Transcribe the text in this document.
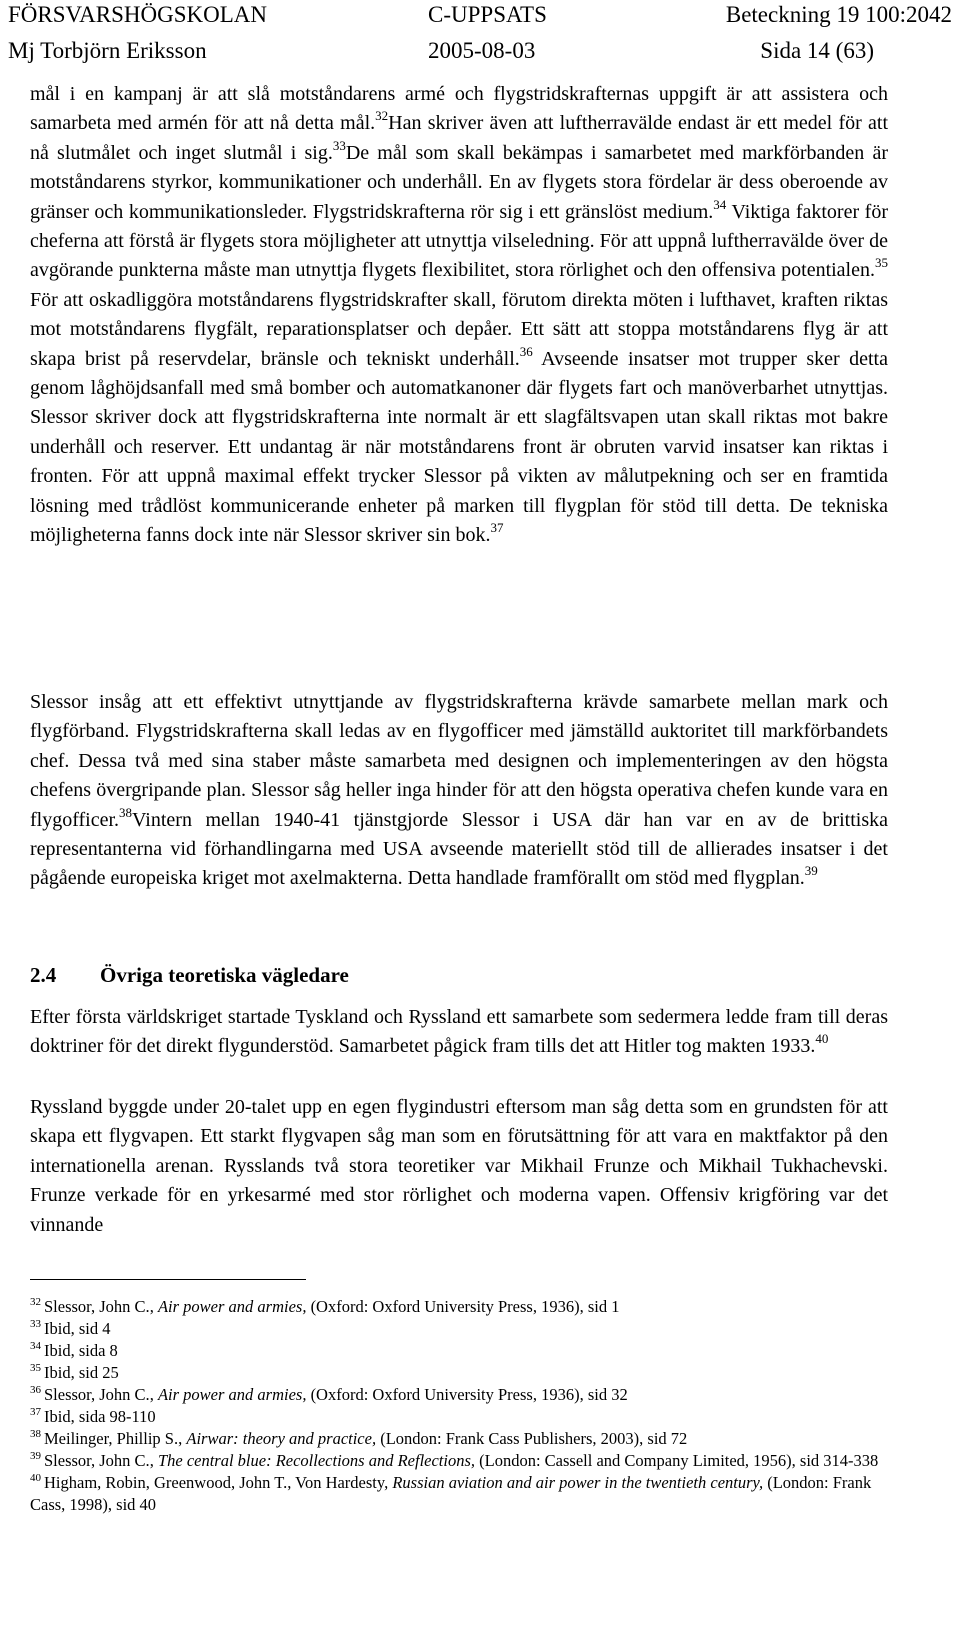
FÖRSVARSHÖGSKOLAN	C-UPPSATS	Beteckning 19 100:2042
Mj Torbjörn Eriksson	2005-08-03	Sida 14 (63)

mål i en kampanj är att slå motståndarens armé och flygstridskrafternas uppgift är att assistera och samarbeta med armén för att nå detta mål.$^{32}$Han skriver även att luftherravälde endast är ett medel för att nå slutmålet och inget slutmål i sig.$^{33}$De mål som skall bekämpas i samarbetet med markförbanden är motståndarens styrkor, kommunikationer och underhåll. En av flygets stora fördelar är dess oberoende av gränser och kommunikationsleder. Flygstridskrafterna rör sig i ett gränslöst medium.$^{34}$ Viktiga faktorer för cheferna att förstå är flygets stora möjligheter att utnyttja vilseledning. För att uppnå luftherravälde över de avgörande punkterna måste man utnyttja flygets flexibilitet, stora rörlighet och den offensiva potentialen.$^{35}$ För att oskadliggöra motståndarens flygstridskrafter skall, förutom direkta möten i lufthavet, kraften riktas mot motståndarens flygfält, reparationsplatser och depåer. Ett sätt att stoppa motståndarens flyg är att skapa brist på reservdelar, bränsle och tekniskt underhåll.$^{36}$ Avseende insatser mot trupper sker detta genom låghöjdsanfall med små bomber och automatkanoner där flygets fart och manöverbarhet utnyttjas. Slessor skriver dock att flygstridskrafterna inte normalt är ett slagfältsvapen utan skall riktas mot bakre underhåll och reserver. Ett undantag är när motståndarens front är obruten varvid insatser kan riktas i fronten. För att uppnå maximal effekt trycker Slessor på vikten av målutpekning och ser en framtida lösning med trådlöst kommunicerande enheter på marken till flygplan för stöd till detta. De tekniska möjligheterna fanns dock inte när Slessor skriver sin bok.$^{37}$

Slessor insåg att ett effektivt utnyttjande av flygstridskrafterna krävde samarbete mellan mark och flygförband. Flygstridskrafterna skall ledas av en flygofficer med jämställd auktoritet till markförbandets chef. Dessa två med sina staber måste samarbeta med designen och implementeringen av den högsta chefens övergripande plan. Slessor såg heller inga hinder för att den högsta operativa chefen kunde vara en flygofficer.$^{38}$Vintern mellan 1940-41 tjänstgjorde Slessor i USA där han var en av de brittiska representanterna vid förhandlingarna med USA avseende materiellt stöd till de allierades insatser i det pågående europeiska kriget mot axelmakterna. Detta handlade framförallt om stöd med flygplan.$^{39}$

2.4 Övriga teoretiska vägledare

Efter första världskriget startade Tyskland och Ryssland ett samarbete som sedermera ledde fram till deras doktriner för det direkt flygunderstöd. Samarbetet pågick fram tills det att Hitler tog makten 1933.40

Ryssland byggde under 20-talet upp en egen flygindustri eftersom man såg detta som en grundsten för att skapa ett flygvapen. Ett starkt flygvapen såg man som en förutsättning för att vara en maktfaktor på den internationella arenan. Rysslands två stora teoretiker var Mikhail Frunze och Mikhail Tukhachevski. Frunze verkade för en yrkesarmé med stor rörlighet och moderna vapen. Offensiv krigföring var det vinnande

$^{32}$ Slessor, John C., Air power and armies, (Oxford: Oxford University Press, 1936), sid 1

$^{33}$ Ibid, sid 4

$^{34}$ Ibid, sida 8

$^{35}$ Ibid, sid 25

$^{36}$ Slessor, John C., Air power and armies, (Oxford: Oxford University Press, 1936), sid 32

$^{37}$ Ibid, sida 98-110

$^{38}$ Meilinger, Phillip S., Airwar: theory and practice, (London: Frank Cass Publishers, 2003), sid 72

$^{39}$ Slessor, John C., The central blue: Recollections and Reflections, (London: Cassell and Company Limited, 1956), sid 314-338

$^{40}$ Higham, Robin, Greenwood, John T., Von Hardesty, Russian aviation and air power in the twentieth century, (London: Frank Cass, 1998), sid 40
